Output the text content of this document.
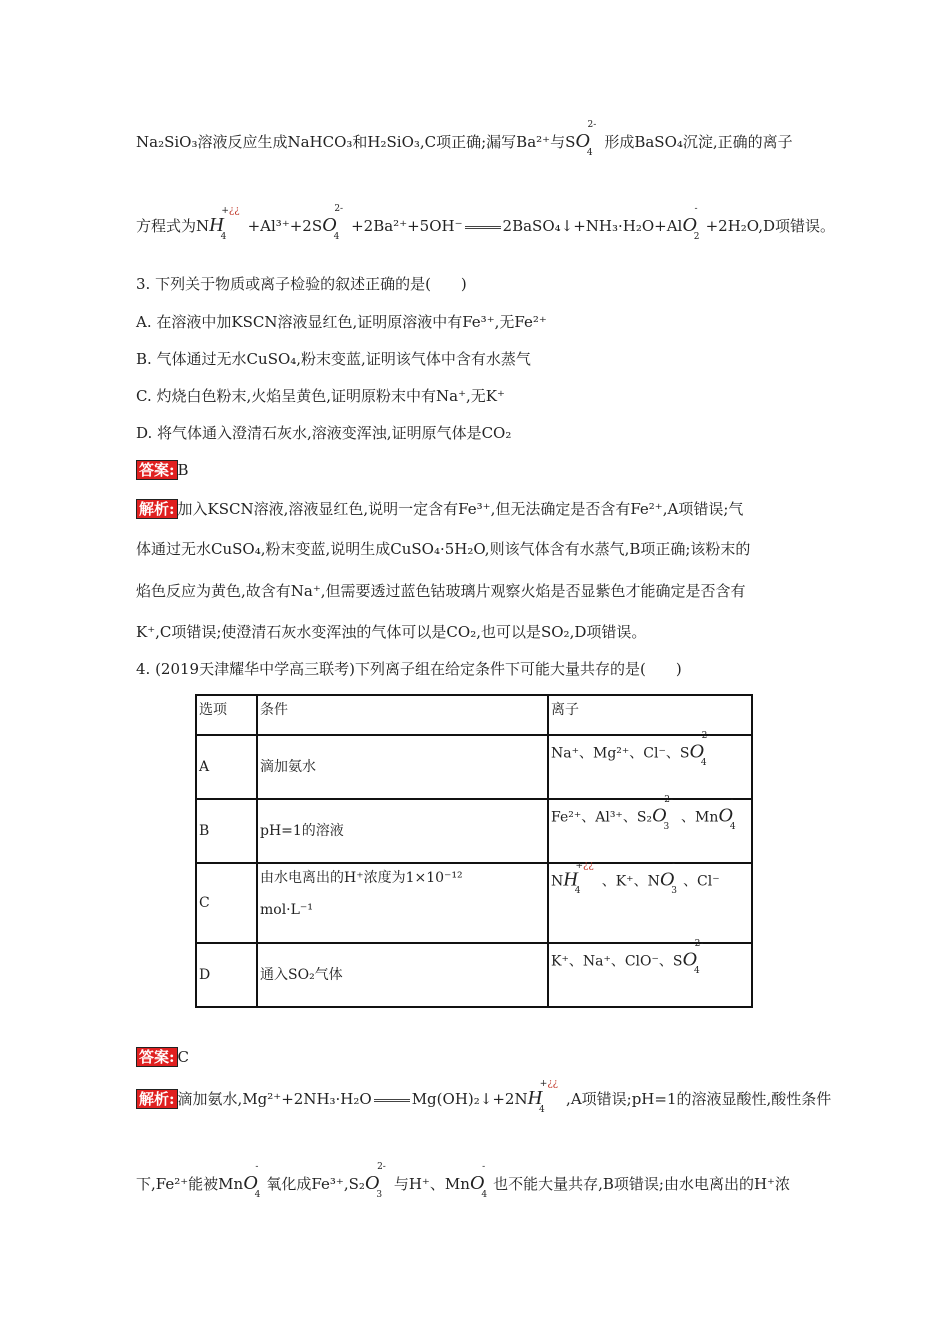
Na₂SiO₃溶液反应生成NaHCO₃和H₂SiO₃,C项正确;漏写Ba²⁺与$SO_4^{2-}$形成BaSO₄沉淀,正确的离子
方程式为$NH_4^{+¿¿}+Al^{3+}+2SO_4^{2-}+2Ba^{2+}+5OH^-$	2BaSO₄↓+NH₃·H₂O+AlO$_2$-+2H₂O,D项错误。
3. 下列关于物质或离子检验的叙述正确的是(　　)
A. 在溶液中加KSCN溶液显红色,证明原溶液中有Fe³⁺,无Fe²⁺
B. 气体通过无水CuSO₄,粉末变蓝,证明该气体中含有水蒸气
C. 灼烧白色粉末,火焰呈黄色,证明原粉末中有Na⁺,无K⁺
D. 将气体通入澄清石灰水,溶液变浑浊,证明原气体是CO₂
答案: B
解析: 加入KSCN溶液,溶液显红色,说明一定含有Fe³⁺,但无法确定是否含有Fe²⁺,A项错误;气
体通过无水CuSO₄,粉末变蓝,说明生成CuSO₄·5H₂O,则该气体含有水蒸气,B项正确;该粉末的
焰色反应为黄色,故含有Na⁺,但需要透过蓝色钴玻璃片观察火焰是否显紫色才能确定是否含有
K⁺,C项错误;使澄清石灰水变浑浊的气体可以是CO₂,也可以是SO₂,D项错误。
4. (2019天津耀华中学高三联考)下列离子组在给定条件下可能大量共存的是(　　)
选项	条件	离子
A	滴加氨水	Na⁺、Mg²⁺、Cl⁻、$SO_4^{2-}$
B	pH=1的溶液	Fe²⁺、Al³⁺、$S_2O_3^{2-}$、MnO$_4$-
C	由水电离出的H⁺浓度为1×10⁻¹²
mol·L⁻¹	$NH_4^{+¿¿}$、K⁺、$NO_3^-$、Cl⁻
D	通入SO₂气体	K⁺、Na⁺、ClO⁻、$SO_4^{2-}$
答案: C
解析: 滴加氨水,Mg²⁺+2NH₃·H₂O	$Mg(OH)_2↓+2NH_4^{+¿¿},A$项错误;pH=1的溶液显酸性,酸性条件
下,Fe²⁺能被MnO$_4$-氧化成$Fe^{3+},S_2O_3^{2-}$与H⁺、MnO$_4$-也不能大量共存,B项错误;由水电离出的H⁺浓
